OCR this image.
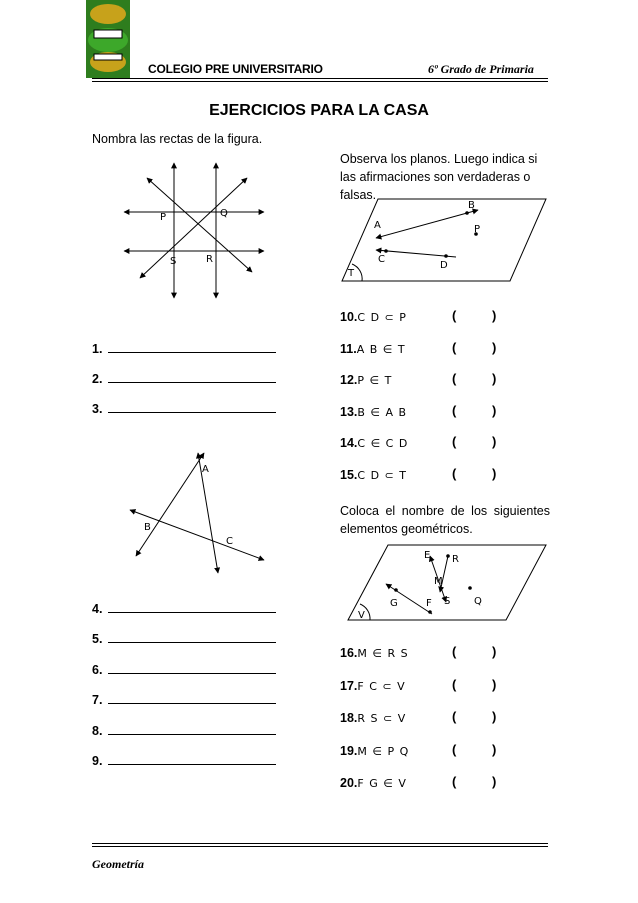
COLEGIO PRE UNIVERSITARIO	6º Grado de Primaria
EJERCICIOS PARA LA CASA
Nombra las rectas de la figura.
P	Q
S	R
1.
2.
3.
A
B
C
4.
5.
6.
7.
8.
9.
Observa los planos. Luego indica si las afirmaciones son verdaderas o falsas.
B
A	P
C
D
T
10.C D ⊂ P	(	)
11.A B ∈ T	(	)
12.P ∈ T	(	)
13.B ∈ A B	(	)
14.C ∈ C D	(	)
15.C D ⊂ T	(	)
Coloca el nombre de los siguientes elementos geométricos.
E R
M
G	F S Q
V
16.M ∈ R S	(	)
17.F C ⊂ V	(	)
18.R S ⊂ V	(	)
19.M ∈ P Q	(	)
20.F G ∈ V	(	)
Geometría
